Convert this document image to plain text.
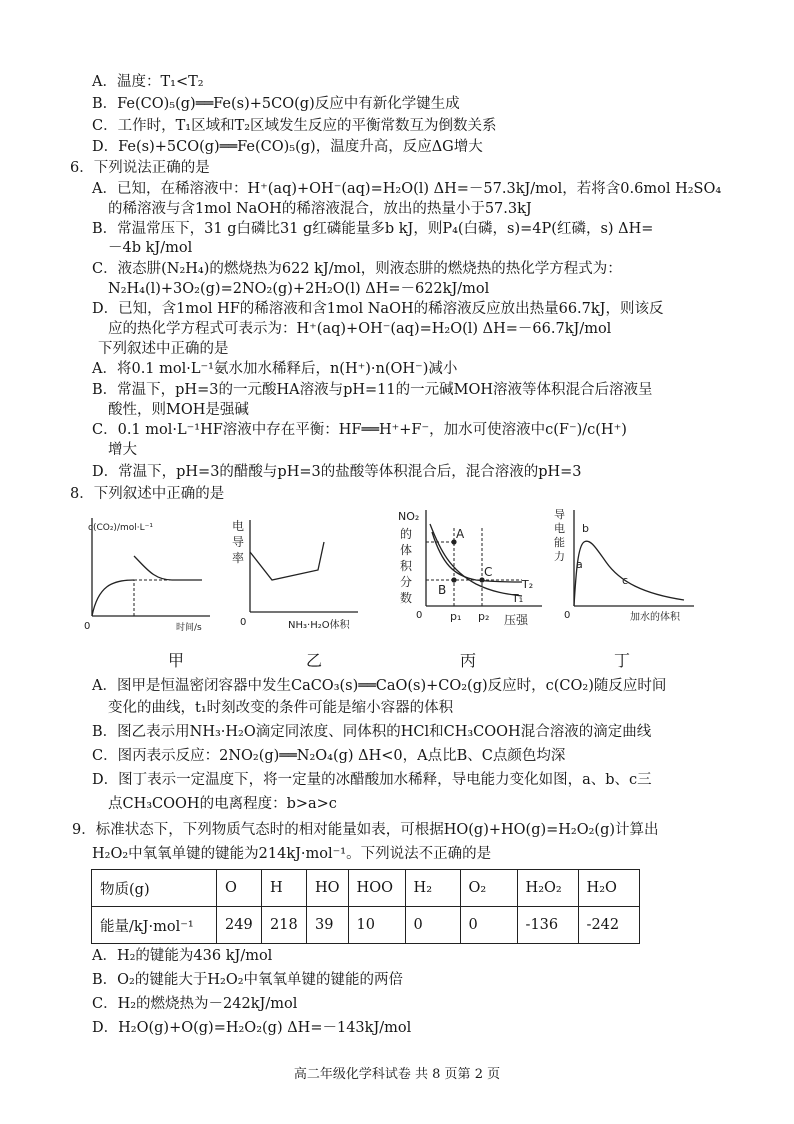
A．温度：T₁<T₂
B．Fe(CO)₅(g)══Fe(s)+5CO(g)反应中有新化学键生成
C．工作时，T₁区域和T₂区域发生反应的平衡常数互为倒数关系
D．Fe(s)+5CO(g)══Fe(CO)₅(g)，温度升高，反应ΔG增大
6．下列说法正确的是
A．已知，在稀溶液中：H⁺(aq)+OH⁻(aq)=H₂O(l) ΔH=－57.3kJ/mol，若将含0.6mol H₂SO₄
的稀溶液与含1mol NaOH的稀溶液混合，放出的热量小于57.3kJ
B．常温常压下，31 g白磷比31 g红磷能量多b kJ，则P₄(白磷，s)=4P(红磷，s) ΔH=
－4b kJ/mol
C．液态肼(N₂H₄)的燃烧热为622 kJ/mol，则液态肼的燃烧热的热化学方程式为：
N₂H₄(l)+3O₂(g)=2NO₂(g)+2H₂O(l) ΔH=－622kJ/mol
D．已知，含1mol HF的稀溶液和含1mol NaOH的稀溶液反应放出热量66.7kJ，则该反
应的热化学方程式可表示为：H⁺(aq)+OH⁻(aq)=H₂O(l) ΔH=－66.7kJ/mol
下列叙述中正确的是
A．将0.1 mol·L⁻¹氨水加水稀释后，n(H⁺)·n(OH⁻)减小
B．常温下，pH=3的一元酸HA溶液与pH=11的一元碱MOH溶液等体积混合后溶液呈
酸性，则MOH是强碱
C．0.1 mol·L⁻¹HF溶液中存在平衡：HF══H⁺+F⁻，加水可使溶液中c(F⁻)/c(H⁺)
增大
D．常温下，pH=3的醋酸与pH=3的盐酸等体积混合后，混合溶液的pH=3
8．下列叙述中正确的是
A．图甲是恒温密闭容器中发生CaCO₃(s)══CaO(s)+CO₂(g)反应时，c(CO₂)随反应时间
变化的曲线，t₁时刻改变的条件可能是缩小容器的体积
B．图乙表示用NH₃·H₂O滴定同浓度、同体积的HCl和CH₃COOH混合溶液的滴定曲线
C．图丙表示反应：2NO₂(g)══N₂O₄(g) ΔH<0，A点比B、C点颜色均深
D．图丁表示一定温度下，将一定量的冰醋酸加水稀释，导电能力变化如图，a、b、c三
点CH₃COOH的电离程度：b>a>c
9．标准状态下，下列物质气态时的相对能量如表，可根据HO(g)+HO(g)=H₂O₂(g)计算出
H₂O₂中氧氧单键的键能为214kJ·mol⁻¹。下列说法不正确的是
A．H₂的键能为436 kJ/mol
B．O₂的键能大于H₂O₂中氧氧单键的键能的两倍
C．H₂的燃烧热为－242kJ/mol
D．H₂O(g)+O(g)=H₂O₂(g) ΔH=－143kJ/mol
c(CO₂)/mol·L⁻¹
0	时间/s
电
导
率
0	NH₃·H₂O体积
NO₂
的
体
积
分
数
A
B
C
T₂
T₁
0	p₁ p₂ 压强
导
电
能
力
a
b
c
0	加水的体积
甲	乙	丙	丁
物质(g)	O	H	HO	HOO	H₂	O₂	H₂O₂	H₂O
能量/kJ·mol⁻¹	249	218	39	10	0	0	-136	-242
高二年级化学科试卷 共 8 页第 2 页
